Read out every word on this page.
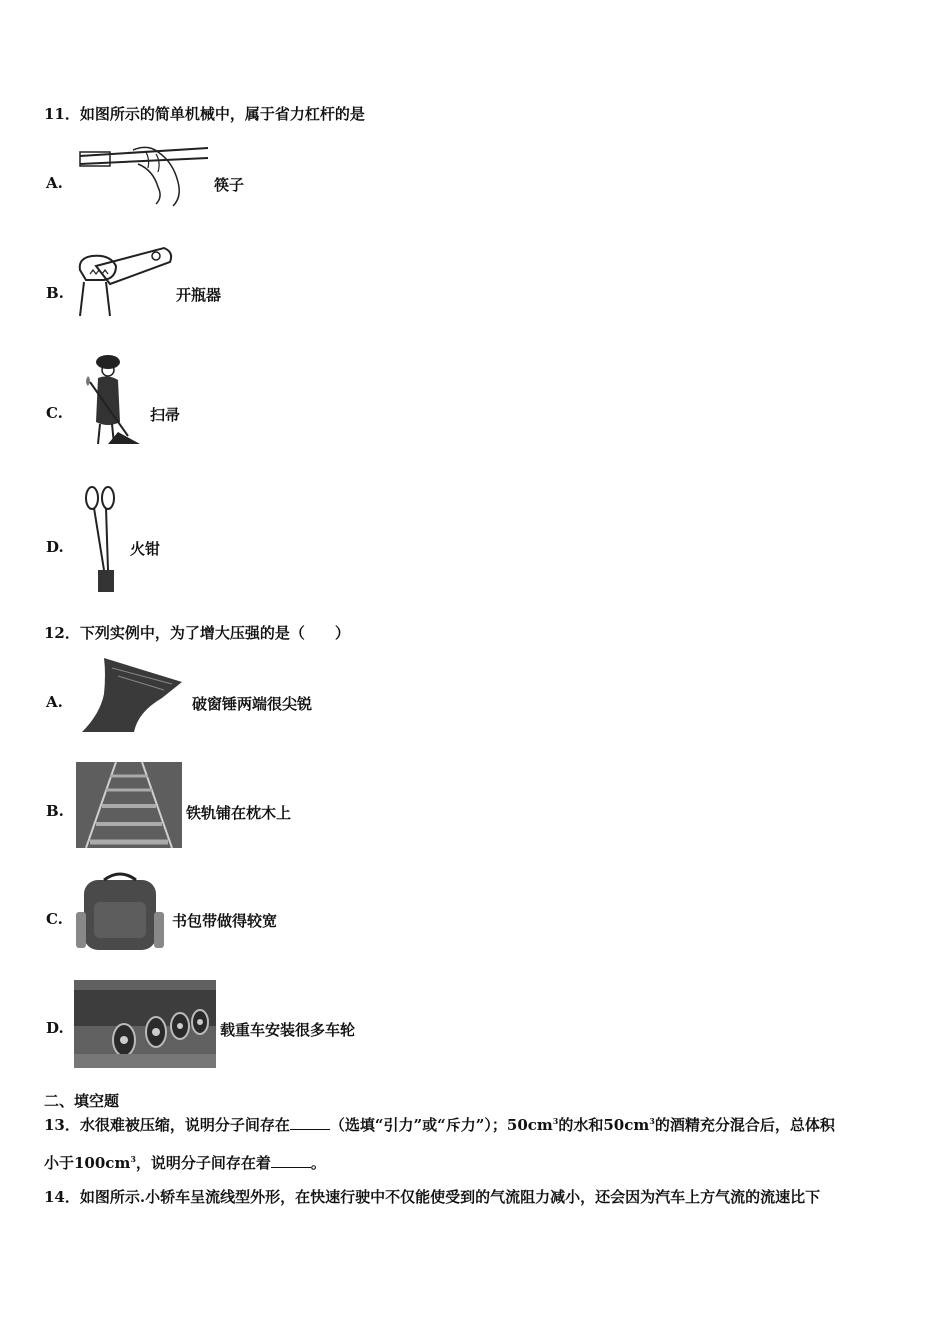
11．如图所示的简单机械中，属于省力杠杆的是
A.	筷子
B.	开瓶器
C.	扫帚
D.	火钳
12．下列实例中，为了增大压强的是（　　）
A.	破窗锤两端很尖锐
B.	铁轨铺在枕木上
C.	书包带做得较宽
D.	载重车安装很多车轮
二、填空题
13．水很难被压缩，说明分子间存在	（选填“引力”或“斥力”）；$50cm^3$的水和$50cm^3$的酒精充分混合后，总体积
小于$100cm^3$，说明分子间存在着	。
14．如图所示.小轿车呈流线型外形，在快速行驶中不仅能使受到的气流阻力减小，还会因为汽车上方气流的流速比下
